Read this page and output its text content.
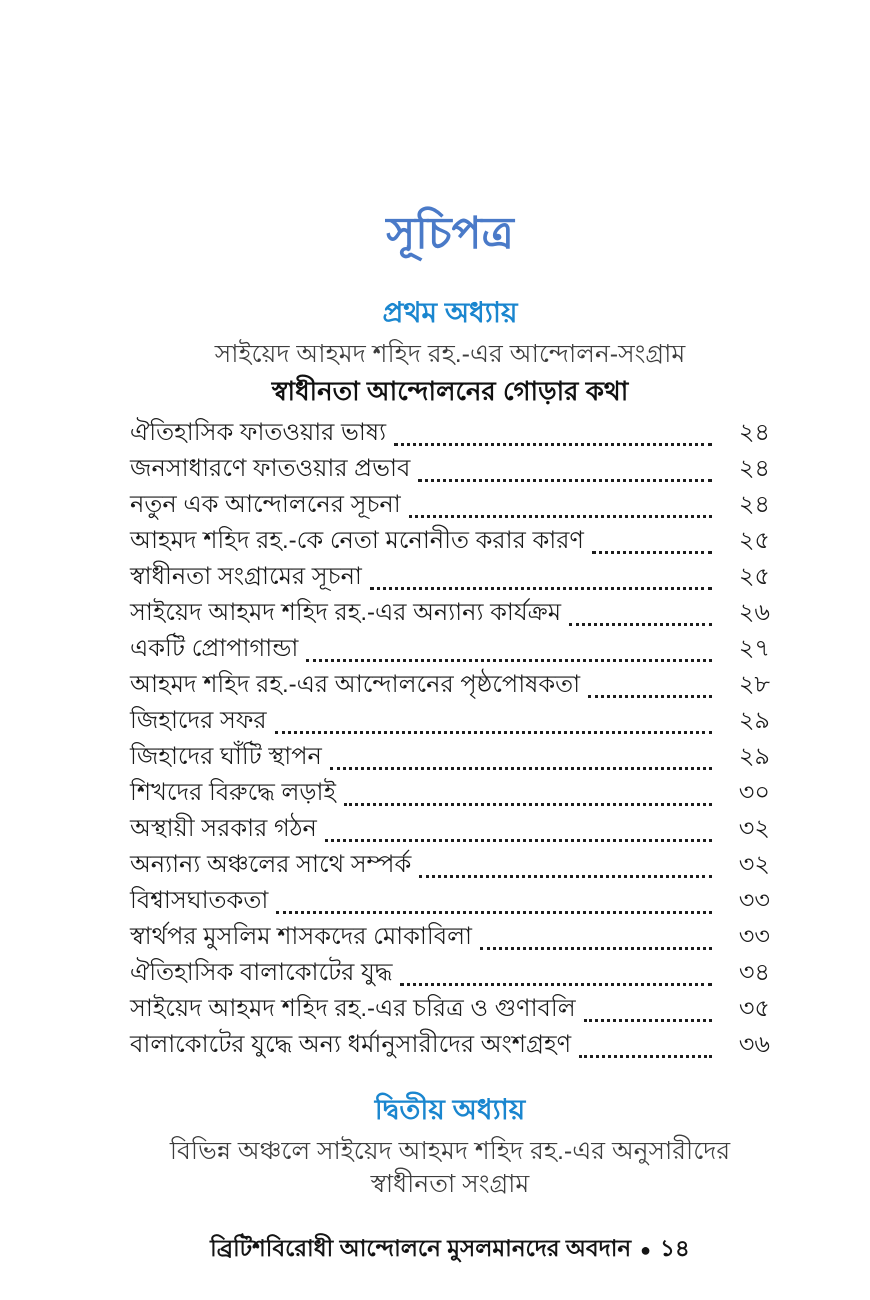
সূচিপত্র
প্রথম অধ্যায়
সাইয়েদ আহমদ শহিদ রহ.-এর আন্দোলন-সংগ্রাম
স্বাধীনতা আন্দোলনের গোড়ার কথা
ঐতিহাসিক ফাতওয়ার ভাষ্য	২৪
জনসাধারণে ফাতওয়ার প্রভাব	২৪
নতুন এক আন্দোলনের সূচনা	২৪
আহমদ শহিদ রহ.-কে নেতা মনোনীত করার কারণ	২৫
স্বাধীনতা সংগ্রামের সূচনা	২৫
সাইয়েদ আহমদ শহিদ রহ.-এর অন্যান্য কার্যক্রম	২৬
একটি প্রোপাগান্ডা	২৭
আহমদ শহিদ রহ.-এর আন্দোলনের পৃষ্ঠপোষকতা	২৮
জিহাদের সফর	২৯
জিহাদের ঘাঁটি স্থাপন	২৯
শিখদের বিরুদ্ধে লড়াই	৩০
অস্থায়ী সরকার গঠন	৩২
অন্যান্য অঞ্চলের সাথে সম্পর্ক	৩২
বিশ্বাসঘাতকতা	৩৩
স্বার্থপর মুসলিম শাসকদের মোকাবিলা	৩৩
ঐতিহাসিক বালাকোটের যুদ্ধ	৩৪
সাইয়েদ আহমদ শহিদ রহ.-এর চরিত্র ও গুণাবলি	৩৫
বালাকোটের যুদ্ধে অন্য ধর্মানুসারীদের অংশগ্রহণ	৩৬
দ্বিতীয় অধ্যায়
বিভিন্ন অঞ্চলে সাইয়েদ আহমদ শহিদ রহ.-এর অনুসারীদের স্বাধীনতা সংগ্রাম
ব্রিটিশবিরোধী আন্দোলনে মুসলমানদের অবদান ● ১৪
